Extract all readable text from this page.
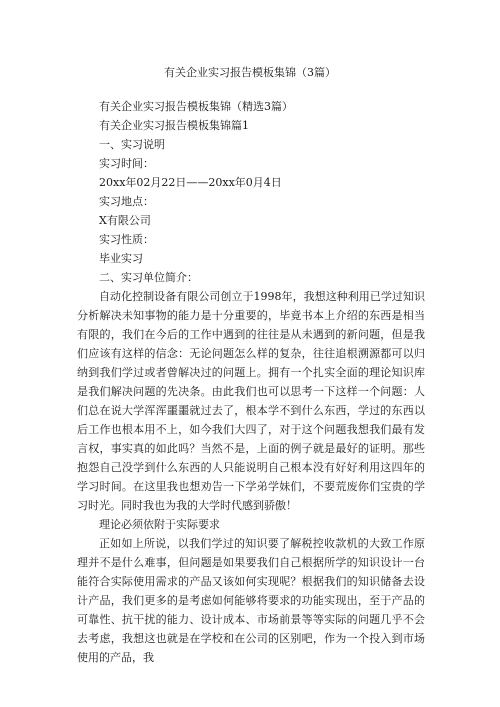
有关企业实习报告模板集锦（3篇）
有关企业实习报告模板集锦（精选3篇）
有关企业实习报告模板集锦篇1
一、实习说明
实习时间：
20xx年02月22日——20xx年0月4日
实习地点：
X有限公司
实习性质：
毕业实习
二、实习单位简介：
自动化控制设备有限公司创立于1998年，我想这种利用已学过知识分析解决未知事物的能力是十分重要的，毕竟书本上介绍的东西是相当有限的，我们在今后的工作中遇到的往往是从未遇到的新问题，但是我们应该有这样的信念：无论问题怎么样的复杂，往往追根溯源都可以归纳到我们学过或者曾解决过的问题上。拥有一个扎实全面的理论知识库是我们解决问题的先决条。由此我们也可以思考一下这样一个问题：人们总在说大学浑浑噩噩就过去了，根本学不到什么东西，学过的东西以后工作也根本用不上，如今我们大四了，对于这个问题我想我们最有发言权，事实真的如此吗？当然不是，上面的例子就是最好的证明。那些抱怨自己没学到什么东西的人只能说明自己根本没有好好利用这四年的学习时间。在这里我也想劝告一下学弟学妹们，不要荒废你们宝贵的学习时光。同时我也为我的大学时代感到骄傲！
理论必须依附于实际要求
正如如上所说，以我们学过的知识要了解税控收款机的大致工作原理并不是什么难事，但问题是如果要我们自己根据所学的知识设计一台能符合实际使用需求的产品又该如何实现呢？根据我们的知识储备去设计产品，我们更多的是考虑如何能够将要求的功能实现出，至于产品的可靠性、抗干扰的能力、设计成本、市场前景等等实际的问题几乎不会去考虑，我想这也就是在学校和在公司的区别吧，作为一个投入到市场使用的产品，我
